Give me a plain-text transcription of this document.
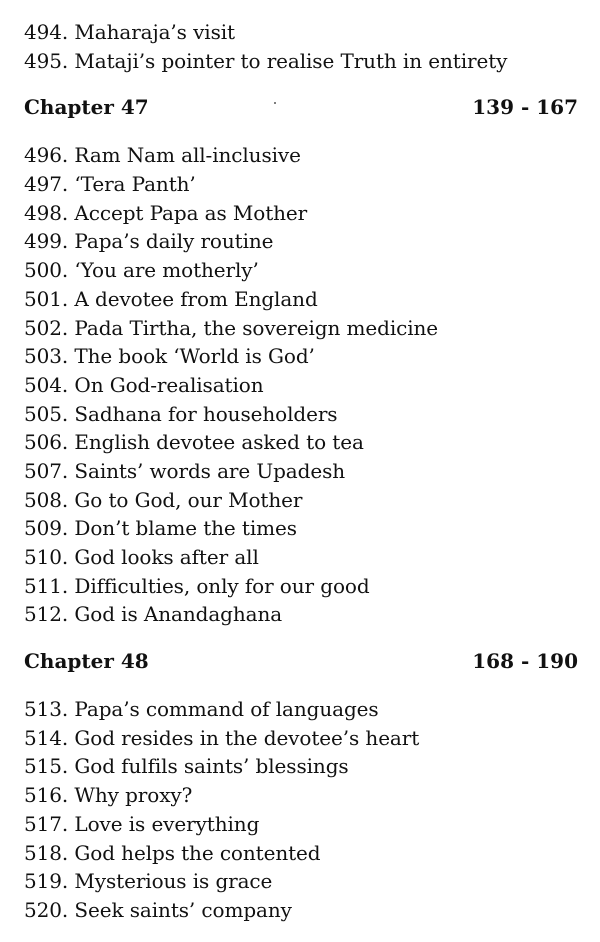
494. Maharaja’s visit
495. Mataji’s pointer to realise Truth in entirety
Chapter 47	139 - 167
496. Ram Nam all-inclusive
497. ‘Tera Panth’
498. Accept Papa as Mother
499. Papa’s daily routine
500. ‘You are motherly’
501. A devotee from England
502. Pada Tirtha, the sovereign medicine
503. The book ‘World is God’
504. On God-realisation
505. Sadhana for householders
506. English devotee asked to tea
507. Saints’ words are Upadesh
508. Go to God, our Mother
509. Don’t blame the times
510. God looks after all
511. Difficulties, only for our good
512. God is Anandaghana
Chapter 48	168 - 190
513. Papa’s command of languages
514. God resides in the devotee’s heart
515. God fulfils saints’ blessings
516. Why proxy?
517. Love is everything
518. God helps the contented
519. Mysterious is grace
520. Seek saints’ company
